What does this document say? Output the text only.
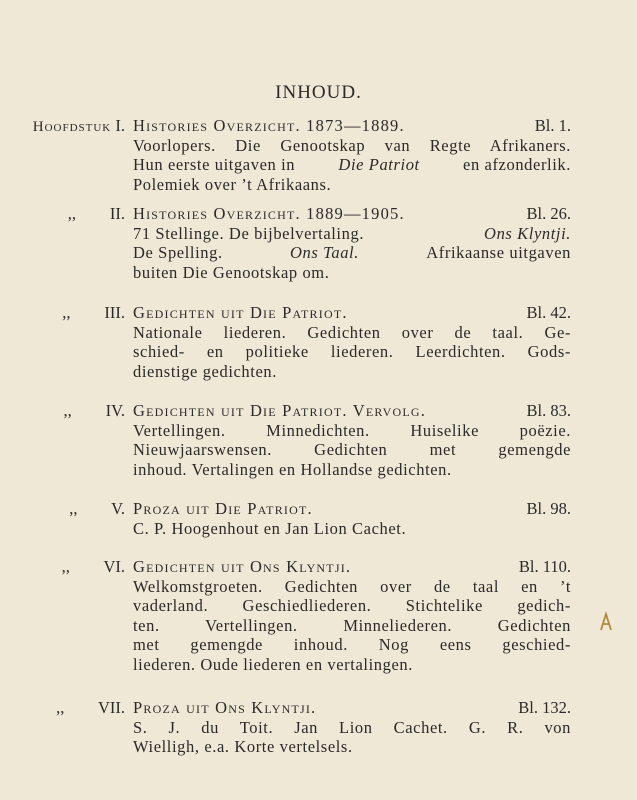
INHOUD.
Hoofdstuk I. Histories Overzicht. 1873—1889.	Bl. 1.
Voorlopers. Die Genootskap van Regte Afrikaners.
Hun eerste uitgaven in	Die Patriot	en afzonderlik.
Polemiek over ’t Afrikaans.
,, II. Histories Overzicht. 1889—1905.	Bl. 26.
71 Stellinge. De bijbelvertaling.	Ons Klyntji.
De Spelling.	Ons Taal.	Afrikaanse uitgaven
buiten Die Genootskap om.
,, III. Gedichten uit Die Patriot.	Bl. 42.
Nationale liederen. Gedichten over de taal. Ge-
schied- en politieke liederen. Leerdichten. Gods-
dienstige gedichten.
,, IV. Gedichten uit Die Patriot. Vervolg.	Bl. 83.
Vertellingen. Minnedichten. Huiselike poëzie.
Nieuwjaarswensen. Gedichten met gemengde
inhoud. Vertalingen en Hollandse gedichten.
,, V. Proza uit Die Patriot.	Bl. 98.
C. P. Hoogenhout en Jan Lion Cachet.
,, VI. Gedichten uit Ons Klyntji.	Bl. 110.
Welkomstgroeten. Gedichten over de taal en ’t
vaderland. Geschiedliederen. Stichtelike gedich-
ten. Vertellingen. Minneliederen. Gedichten
met gemengde inhoud. Nog eens geschied-
liederen. Oude liederen en vertalingen.
,, VII. Proza uit Ons Klyntji.	Bl. 132.
S. J. du Toit. Jan Lion Cachet. G. R. von
Wielligh, e.a. Korte vertelsels.
